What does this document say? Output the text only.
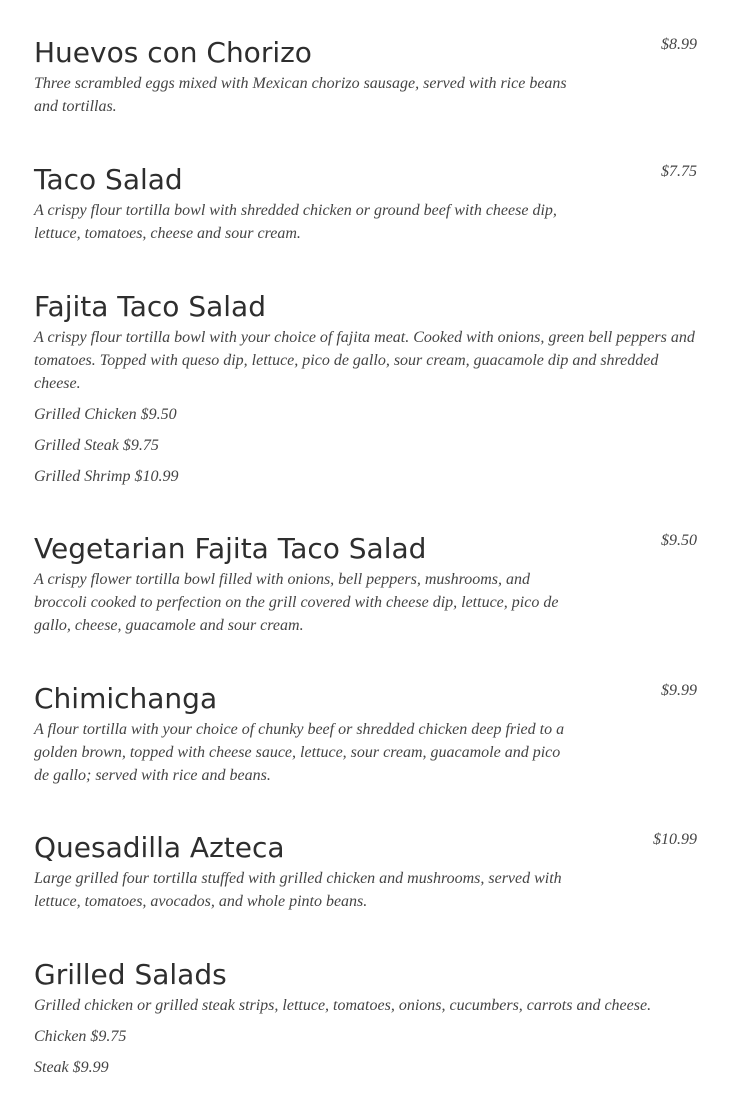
Huevos con Chorizo	$8.99

Three scrambled eggs mixed with Mexican chorizo sausage, served with rice beans and tortillas.

Taco Salad	$7.75

A crispy flour tortilla bowl with shredded chicken or ground beef with cheese dip, lettuce, tomatoes, cheese and sour cream.

Fajita Taco Salad

A crispy flour tortilla bowl with your choice of fajita meat. Cooked with onions, green bell peppers and tomatoes. Topped with queso dip, lettuce, pico de gallo, sour cream, guacamole dip and shredded cheese.

Grilled Chicken $9.50

Grilled Steak $9.75

Grilled Shrimp $10.99

Vegetarian Fajita Taco Salad	$9.50

A crispy flower tortilla bowl filled with onions, bell peppers, mushrooms, and broccoli cooked to perfection on the grill covered with cheese dip, lettuce, pico de gallo, cheese, guacamole and sour cream.

Chimichanga	$9.99

A flour tortilla with your choice of chunky beef or shredded chicken deep fried to a golden brown, topped with cheese sauce, lettuce, sour cream, guacamole and pico de gallo; served with rice and beans.

Quesadilla Azteca	$10.99

Large grilled four tortilla stuffed with grilled chicken and mushrooms, served with lettuce, tomatoes, avocados, and whole pinto beans.

Grilled Salads

Grilled chicken or grilled steak strips, lettuce, tomatoes, onions, cucumbers, carrots and cheese.

Chicken $9.75

Steak $9.99
